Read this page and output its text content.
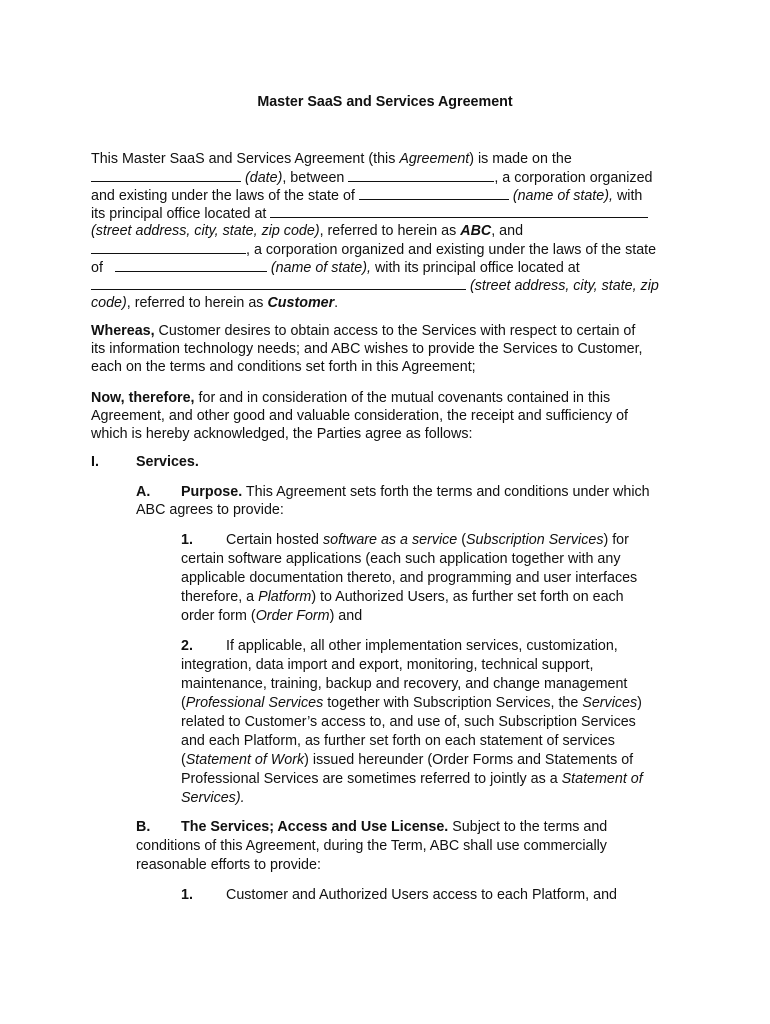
Master SaaS and Services Agreement

This Master SaaS and Services Agreement (this Agreement) is made on the

(date), between	, a corporation organized

and existing under the laws of the state of	(name of state), with

its principal office located at

(street address, city, state, zip code), referred to herein as ABC, and

, a corporation organized and existing under the laws of the state

of	(name of state), with its principal office located at

(street address, city, state, zip

code), referred to herein as Customer.

Whereas, Customer desires to obtain access to the Services with respect to certain of

its information technology needs; and ABC wishes to provide the Services to Customer,

each on the terms and conditions set forth in this Agreement;

Now, therefore, for and in consideration of the mutual covenants contained in this

Agreement, and other good and valuable consideration, the receipt and sufficiency of

which is hereby acknowledged, the Parties agree as follows:

I.	Services.

A. Purpose. This Agreement sets forth the terms and conditions under which

ABC agrees to provide:

1. Certain hosted software as a service (Subscription Services) for

certain software applications (each such application together with any

applicable documentation thereto, and programming and user interfaces

therefore, a Platform) to Authorized Users, as further set forth on each

order form (Order Form) and

2. If applicable, all other implementation services, customization,

integration, data import and export, monitoring, technical support,

maintenance, training, backup and recovery, and change management

(Professional Services together with Subscription Services, the Services)

related to Customer’s access to, and use of, such Subscription Services

and each Platform, as further set forth on each statement of services

(Statement of Work) issued hereunder (Order Forms and Statements of

Professional Services are sometimes referred to jointly as a Statement of

Services).

B. The Services; Access and Use License. Subject to the terms and

conditions of this Agreement, during the Term, ABC shall use commercially

reasonable efforts to provide:

1. Customer and Authorized Users access to each Platform, and
